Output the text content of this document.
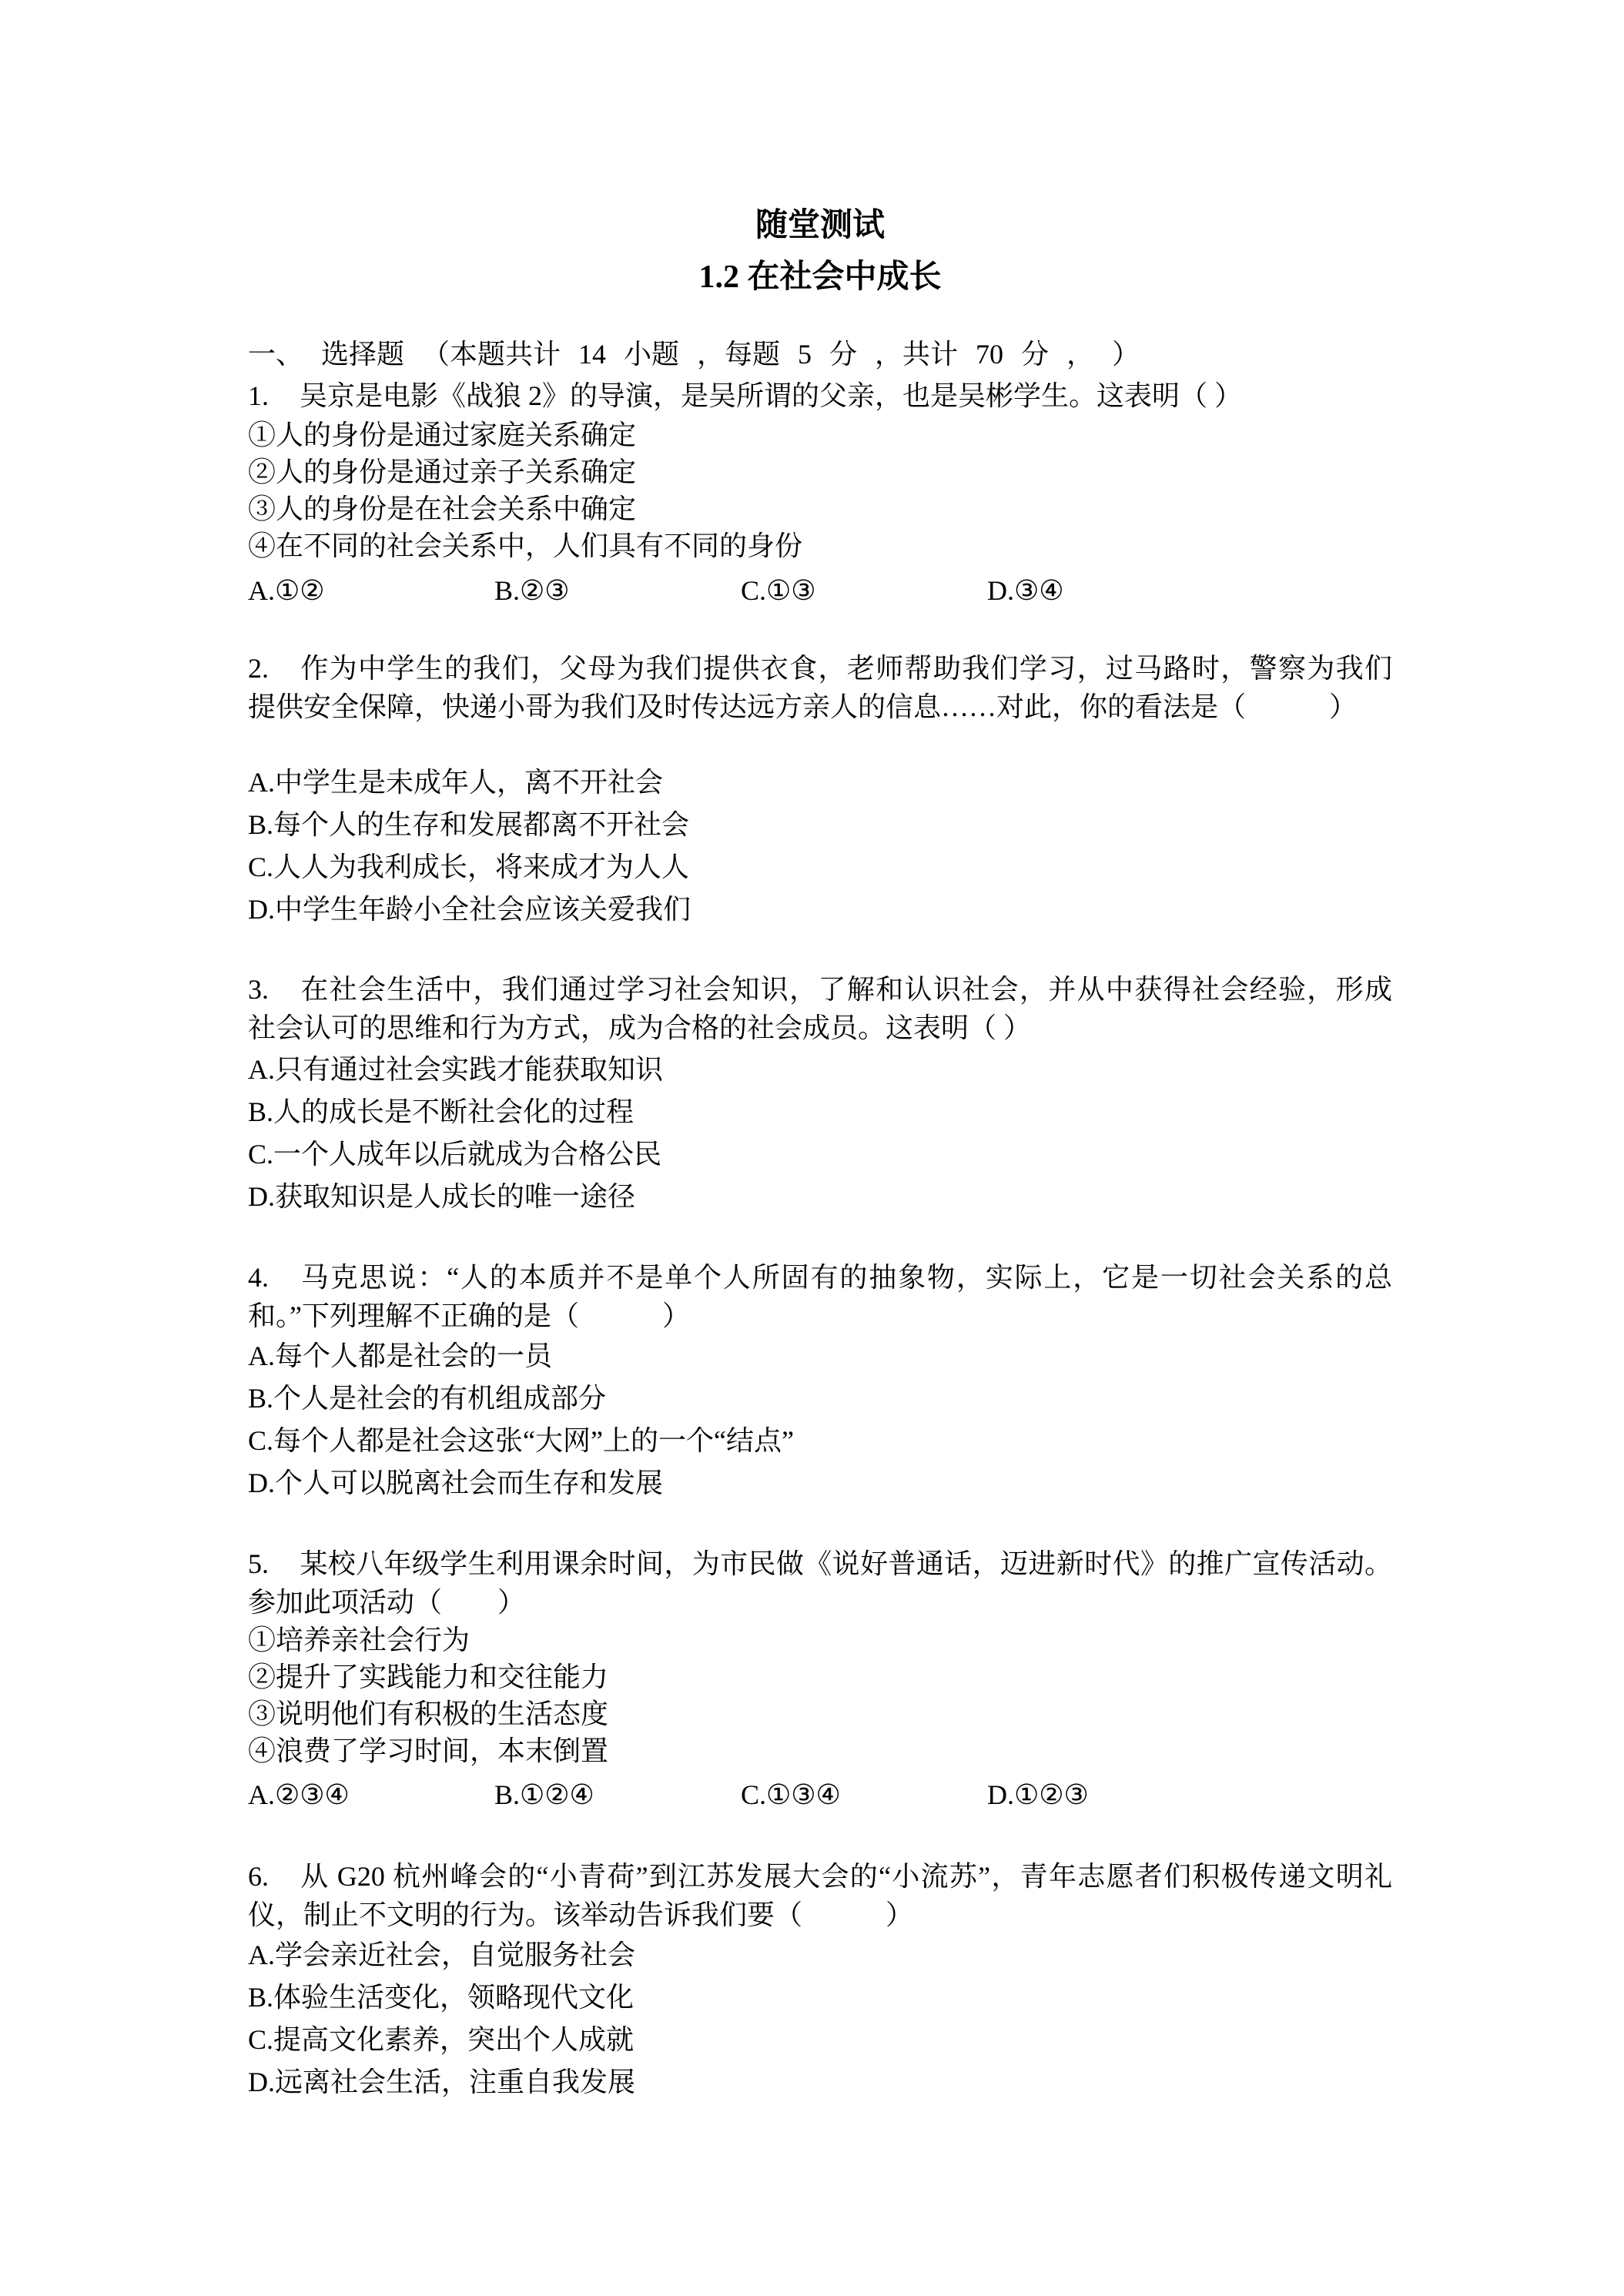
随堂测试
1.2 在社会中成长
一、 选择题 （本题共计 14 小题 ，每题 5 分 ，共计 70 分 ， ）
1. 吴京是电影《战狼 2》的导演，是吴所谓的父亲，也是吴彬学生。这表明（ ）
①人的身份是通过家庭关系确定
②人的身份是通过亲子关系确定
③人的身份是在社会关系中确定
④在不同的社会关系中，人们具有不同的身份
A.①②	B.②③	C.①③	D.③④
2. 作为中学生的我们，父母为我们提供衣食，老师帮助我们学习，过马路时，警察为我们
提供安全保障，快递小哥为我们及时传达远方亲人的信息……对此，你的看法是（　　　）
A.中学生是未成年人，离不开社会
B.每个人的生存和发展都离不开社会
C.人人为我利成长，将来成才为人人
D.中学生年龄小全社会应该关爱我们
3. 在社会生活中，我们通过学习社会知识，了解和认识社会，并从中获得社会经验，形成
社会认可的思维和行为方式，成为合格的社会成员。这表明（ ）
A.只有通过社会实践才能获取知识
B.人的成长是不断社会化的过程
C.一个人成年以后就成为合格公民
D.获取知识是人成长的唯一途径
4. 马克思说：“人的本质并不是单个人所固有的抽象物，实际上，它是一切社会关系的总
和。”下列理解不正确的是（　　　）
A.每个人都是社会的一员
B.个人是社会的有机组成部分
C.每个人都是社会这张“大网”上的一个“结点”
D.个人可以脱离社会而生存和发展
5. 某校八年级学生利用课余时间，为市民做《说好普通话，迈进新时代》的推广宣传活动。
参加此项活动（　　）
①培养亲社会行为
②提升了实践能力和交往能力
③说明他们有积极的生活态度
④浪费了学习时间，本末倒置
A.②③④	B.①②④	C.①③④	D.①②③
6. 从 G20 杭州峰会的“小青荷”到江苏发展大会的“小流苏”，青年志愿者们积极传递文明礼
仪，制止不文明的行为。该举动告诉我们要（　　　）
A.学会亲近社会，自觉服务社会
B.体验生活变化，领略现代文化
C.提高文化素养，突出个人成就
D.远离社会生活，注重自我发展
